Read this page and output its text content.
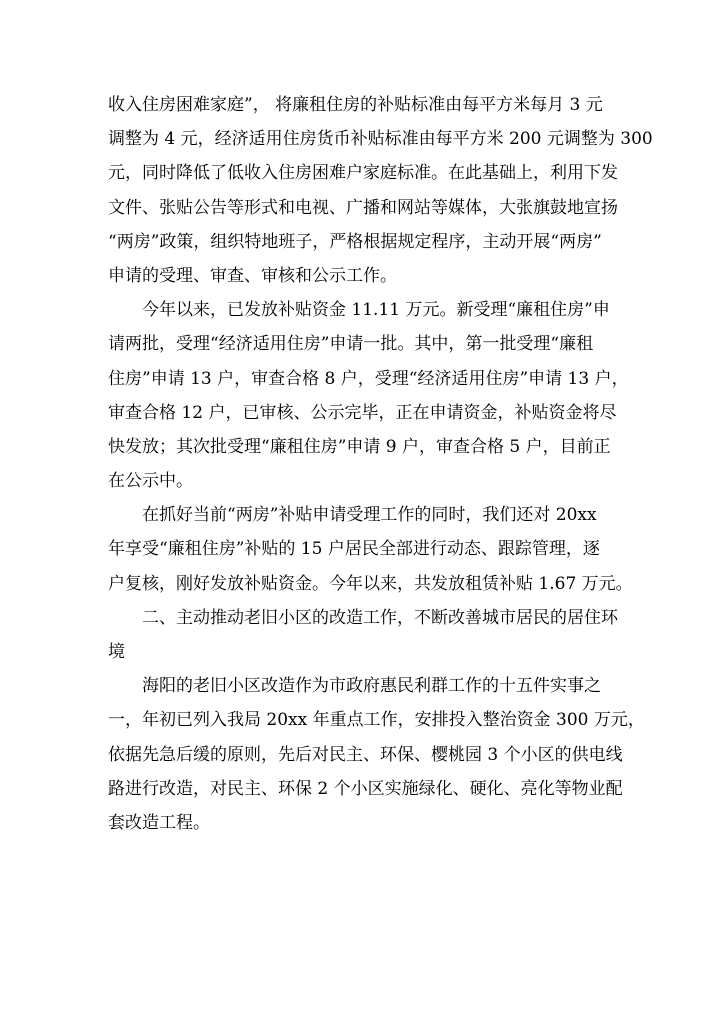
收入住房困难家庭”， 将廉租住房的补贴标准由每平方米每月 3 元
调整为 4 元，经济适用住房货币补贴标准由每平方米 200 元调整为 300
元，同时降低了低收入住房困难户家庭标准。在此基础上，利用下发
文件、张贴公告等形式和电视、广播和网站等媒体，大张旗鼓地宣扬
“两房”政策，组织特地班子，严格根据规定程序，主动开展“两房”
申请的受理、审查、审核和公示工作。
　　今年以来，已发放补贴资金 11.11 万元。新受理“廉租住房”申
请两批，受理“经济适用住房”申请一批。其中，第一批受理“廉租
住房”申请 13 户，审查合格 8 户，受理“经济适用住房”申请 13 户，
审查合格 12 户，已审核、公示完毕，正在申请资金，补贴资金将尽
快发放；其次批受理“廉租住房”申请 9 户，审查合格 5 户，目前正
在公示中。
　　在抓好当前“两房”补贴申请受理工作的同时，我们还对 20xx
年享受“廉租住房”补贴的 15 户居民全部进行动态、跟踪管理，逐
户复核，刚好发放补贴资金。今年以来，共发放租赁补贴 1.67 万元。
　　二、主动推动老旧小区的改造工作，不断改善城市居民的居住环
境
　　海阳的老旧小区改造作为市政府惠民利群工作的十五件实事之
一，年初已列入我局 20xx 年重点工作，安排投入整治资金 300 万元，
依据先急后缓的原则，先后对民主、环保、樱桃园 3 个小区的供电线
路进行改造，对民主、环保 2 个小区实施绿化、硬化、亮化等物业配
套改造工程。
